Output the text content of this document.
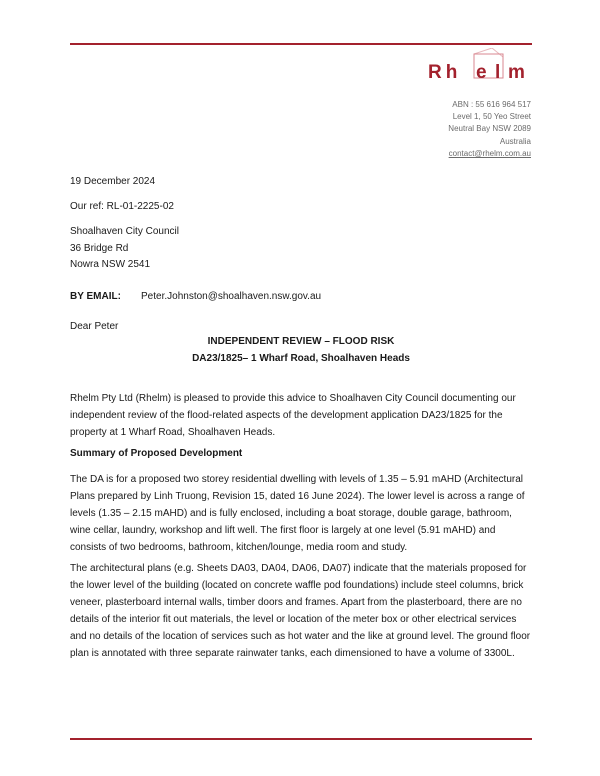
Rh e l m
ABN : 55 616 964 517
Level 1, 50 Yeo Street
Neutral Bay NSW 2089
Australia
contact@rhelm.com.au
19 December 2024
Our ref: RL-01-2225-02
Shoalhaven City Council
36 Bridge Rd
Nowra NSW 2541
BY EMAIL: Peter.Johnston@shoalhaven.nsw.gov.au
Dear Peter
INDEPENDENT REVIEW – FLOOD RISK
DA23/1825– 1 Wharf Road, Shoalhaven Heads

Rhelm Pty Ltd (Rhelm) is pleased to provide this advice to Shoalhaven City Council documenting our independent review of the flood-related aspects of the development application DA23/1825 for the property at 1 Wharf Road, Shoalhaven Heads.

Summary of Proposed Development

The DA is for a proposed two storey residential dwelling with levels of 1.35 – 5.91 mAHD (Architectural Plans prepared by Linh Truong, Revision 15, dated 16 June 2024). The lower level is across a range of levels (1.35 – 2.15 mAHD) and is fully enclosed, including a boat storage, double garage, bathroom, wine cellar, laundry, workshop and lift well. The first floor is largely at one level (5.91 mAHD) and consists of two bedrooms, bathroom, kitchen/lounge, media room and study.

The architectural plans (e.g. Sheets DA03, DA04, DA06, DA07) indicate that the materials proposed for the lower level of the building (located on concrete waffle pod foundations) include steel columns, brick veneer, plasterboard internal walls, timber doors and frames. Apart from the plasterboard, there are no details of the interior fit out materials, the level or location of the meter box or other electrical services and no details of the location of services such as hot water and the like at ground level. The ground floor plan is annotated with three separate rainwater tanks, each dimensioned to have a volume of 3300L.
